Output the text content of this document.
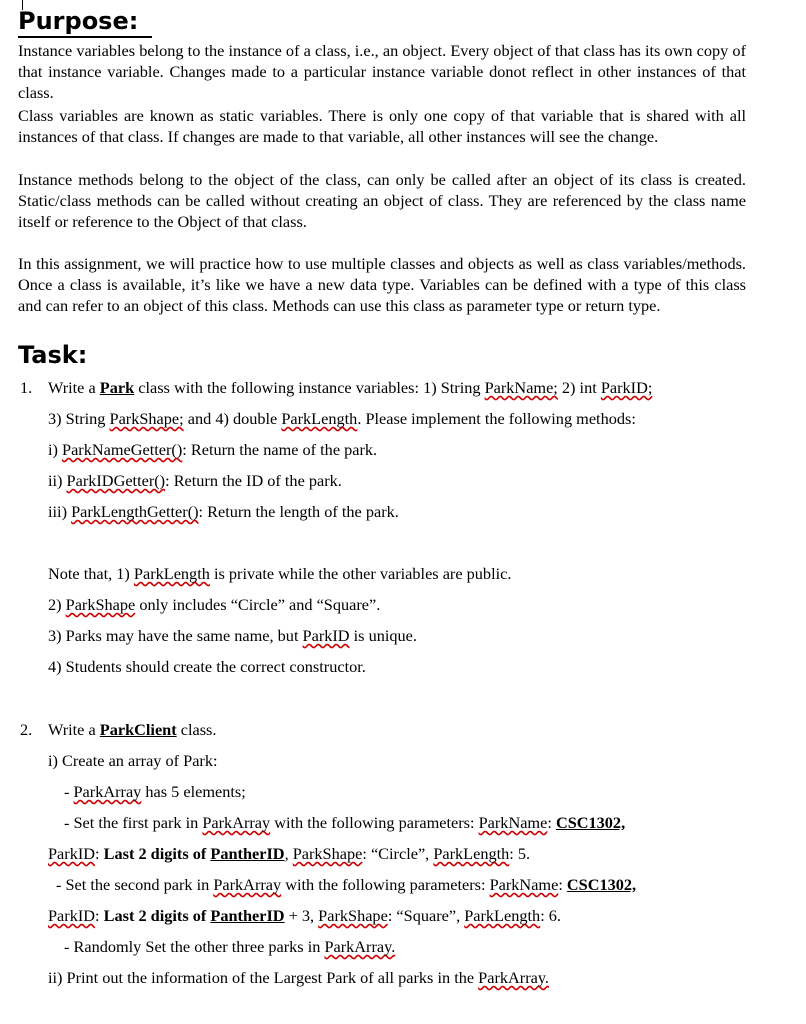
Purpose:
Instance variables belong to the instance of a class, i.e., an object. Every object of that class has its own copy of that instance variable. Changes made to a particular instance variable donot reflect in other instances of that class.
Class variables are known as static variables. There is only one copy of that variable that is shared with all instances of that class. If changes are made to that variable, all other instances will see the change.
Instance methods belong to the object of the class, can only be called after an object of its class is created. Static/class methods can be called without creating an object of class. They are referenced by the class name itself or reference to the Object of that class.
In this assignment, we will practice how to use multiple classes and objects as well as class variables/methods. Once a class is available, it’s like we have a new data type. Variables can be defined with a type of this class and can refer to an object of this class. Methods can use this class as parameter type or return type.
Task:
1. Write a Park class with the following instance variables: 1) String ParkName; 2) int ParkID;
3) String ParkShape; and 4) double ParkLength. Please implement the following methods:
i) ParkNameGetter(): Return the name of the park.
ii) ParkIDGetter(): Return the ID of the park.
iii) ParkLengthGetter(): Return the length of the park.
Note that, 1) ParkLength is private while the other variables are public.
2) ParkShape only includes “Circle” and “Square”.
3) Parks may have the same name, but ParkID is unique.
4) Students should create the correct constructor.
2. Write a ParkClient class.
i) Create an array of Park:
- ParkArray has 5 elements;
- Set the first park in ParkArray with the following parameters: ParkName: CSC1302,
ParkID: Last 2 digits of PantherID, ParkShape: “Circle”, ParkLength: 5.
- Set the second park in ParkArray with the following parameters: ParkName: CSC1302,
ParkID: Last 2 digits of PantherID + 3, ParkShape: “Square”, ParkLength: 6.
- Randomly Set the other three parks in ParkArray.
ii) Print out the information of the Largest Park of all parks in the ParkArray.
